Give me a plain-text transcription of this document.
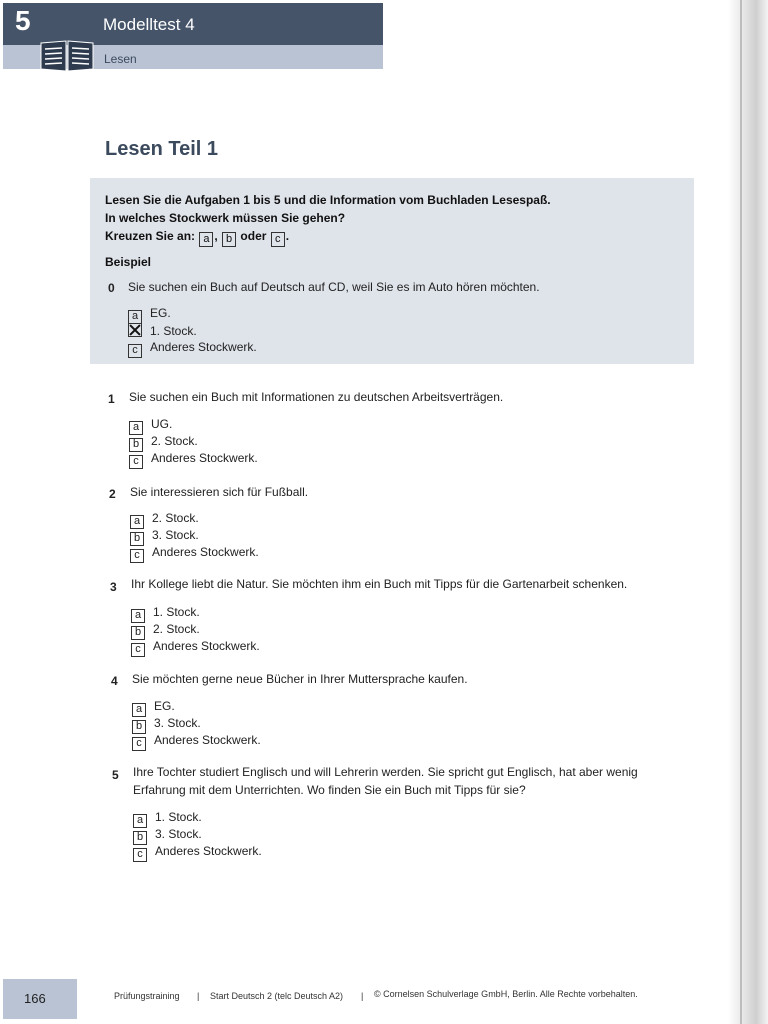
5	Modelltest 4
Lesen
Lesen Teil 1
Lesen Sie die Aufgaben 1 bis 5 und die Information vom Buchladen Lesespaß.
In welches Stockwerk müssen Sie gehen?
Kreuzen Sie an: a , b oder c .
Beispiel
0 Sie suchen ein Buch auf Deutsch auf CD, weil Sie es im Auto hören möchten.
a EG.
1. Stock.
c Anderes Stockwerk.
1 Sie suchen ein Buch mit Informationen zu deutschen Arbeitsverträgen.
a UG.
b 2. Stock.
c Anderes Stockwerk.
2 Sie interessieren sich für Fußball.
a 2. Stock.
b 3. Stock.
c Anderes Stockwerk.
3 Ihr Kollege liebt die Natur. Sie möchten ihm ein Buch mit Tipps für die Gartenarbeit schenken.
a 1. Stock.
b 2. Stock.
c Anderes Stockwerk.
4 Sie möchten gerne neue Bücher in Ihrer Muttersprache kaufen.
a EG.
b 3. Stock.
c Anderes Stockwerk.
5 Ihre Tochter studiert Englisch und will Lehrerin werden. Sie spricht gut Englisch, hat aber wenig
Erfahrung mit dem Unterrichten. Wo finden Sie ein Buch mit Tipps für sie?
a 1. Stock.
b 3. Stock.
c Anderes Stockwerk.
166	Prüfungstraining | Start Deutsch 2 (telc Deutsch A2) | © Cornelsen Schulverlage GmbH, Berlin. Alle Rechte vorbehalten.
